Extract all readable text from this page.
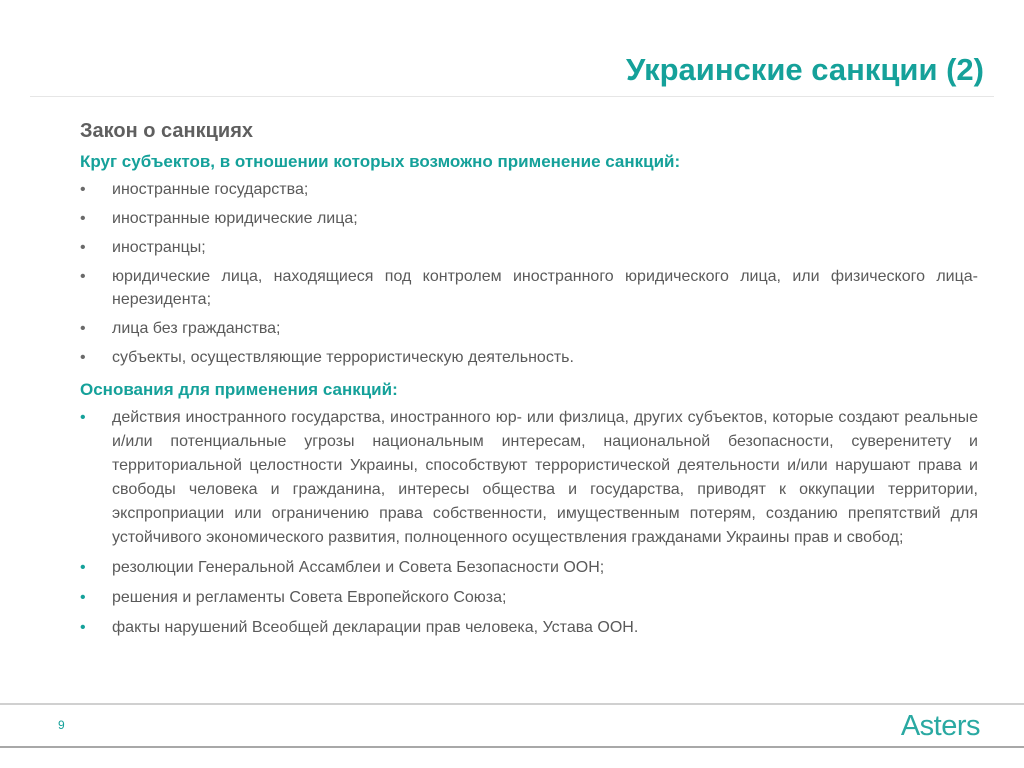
Украинские санкции (2)
Закон о санкциях
Круг субъектов, в отношении которых возможно применение санкций:
• иностранные государства;
• иностранные юридические лица;
• иностранцы;
• юридические лица, находящиеся под контролем иностранного юридического лица, или физического лица-нерезидента;
• лица без гражданства;
• субъекты, осуществляющие террористическую деятельность.
Основания для применения санкций:
• действия иностранного государства, иностранного юр- или физлица, других субъектов, которые создают реальные и/или потенциальные угрозы национальным интересам, национальной безопасности, суверенитету и территориальной целостности Украины, способствуют террористической деятельности и/или нарушают права и свободы человека и гражданина, интересы общества и государства, приводят к оккупации территории, экспроприации или ограничению права собственности, имущественным потерям, созданию препятствий для устойчивого экономического развития, полноценного осуществления гражданами Украины прав и свобод;
• резолюции Генеральной Ассамблеи и Совета Безопасности ООН;
• решения и регламенты Совета Европейского Союза;
• факты нарушений Всеобщей декларации прав человека, Устава ООН.
9	Asters
